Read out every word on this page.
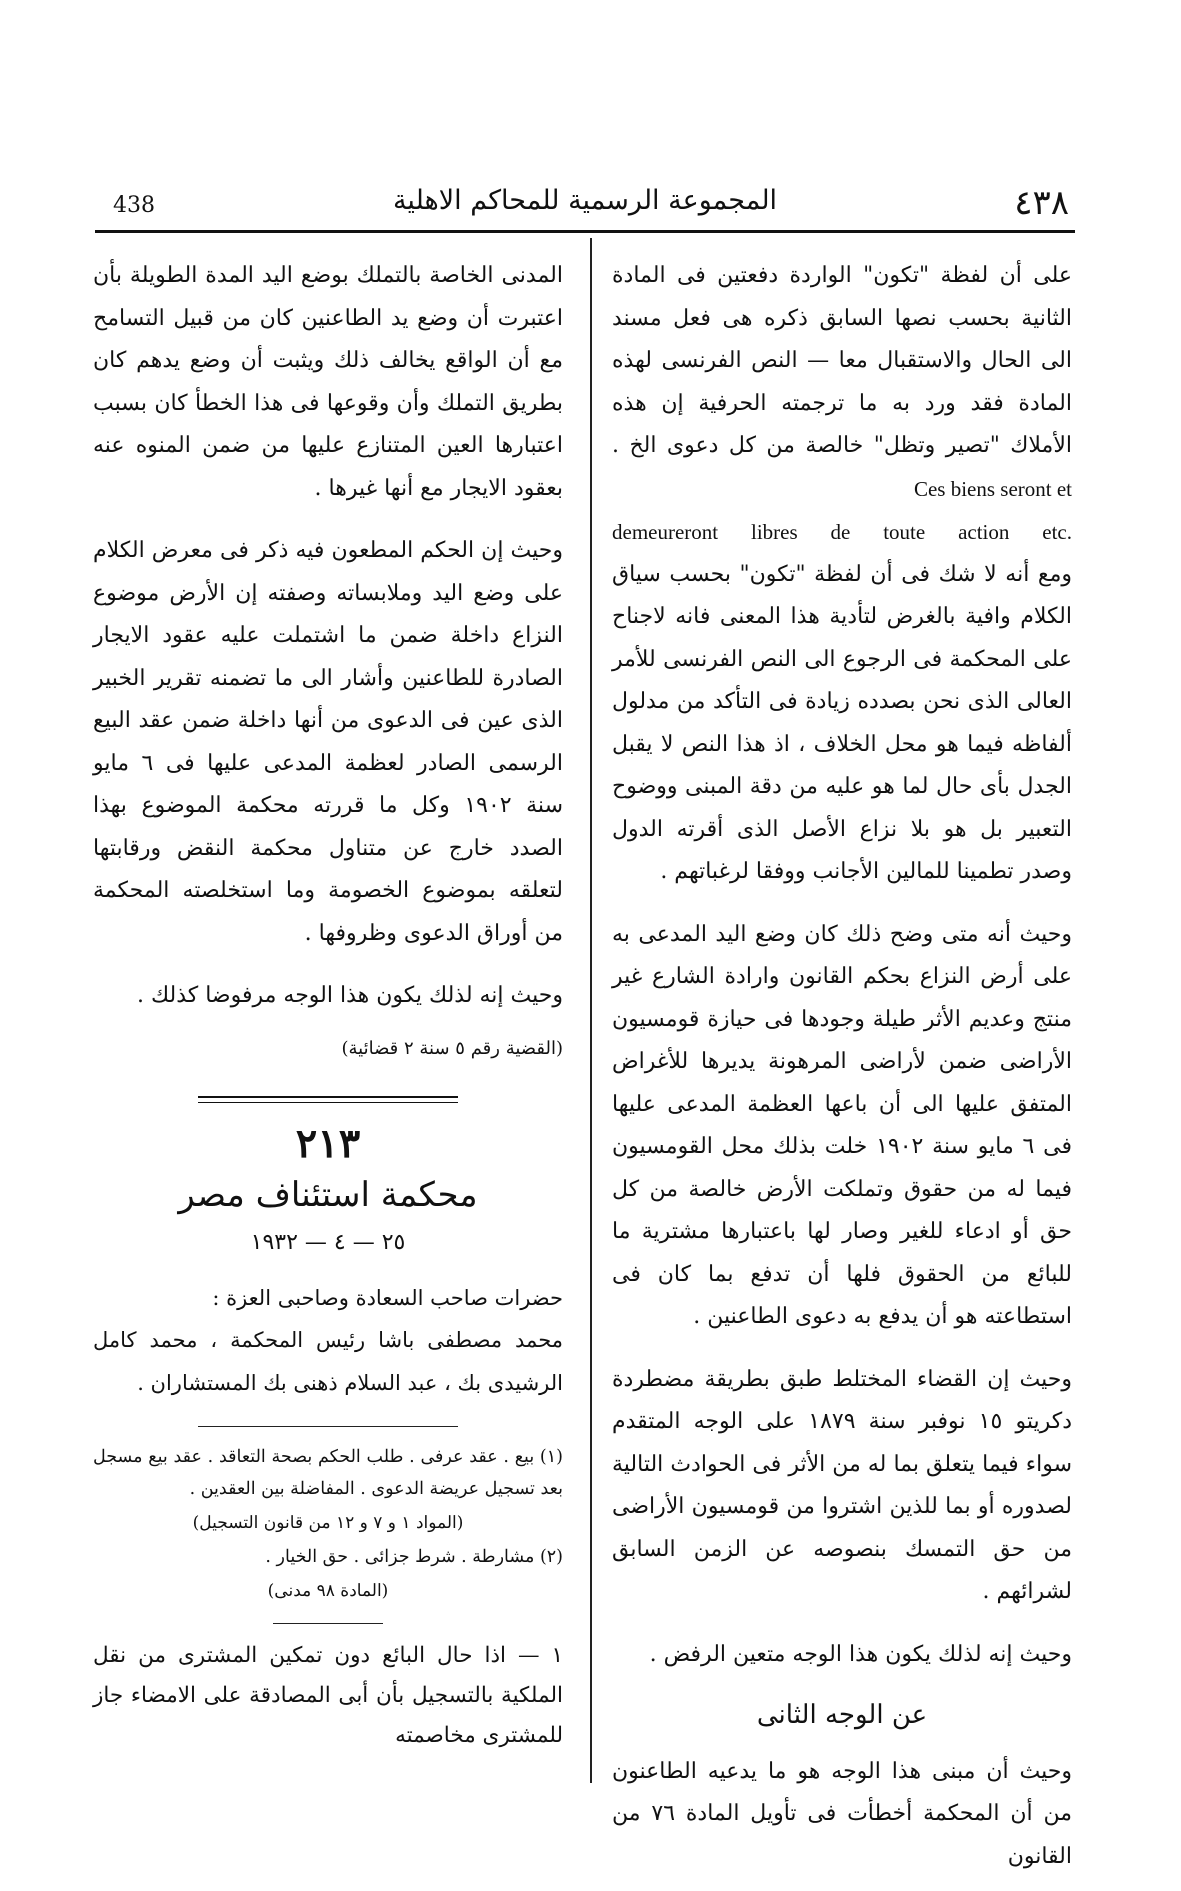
438	المجموعة الرسمية للمحاكم الاهلية	٤٣٨

على أن لفظة "تكون" الواردة دفعتين فى المادة الثانية بحسب نصها السابق ذكره هى فعل مسند الى الحال والاستقبال معا — النص الفرنسى لهذه المادة فقد ورد به ما ترجمته الحرفية إن هذه الأملاك "تصير وتظل" خالصة من كل دعوى الخ . Ces biens seront et
demeureront libres de toute action etc.
ومع أنه لا شك فى أن لفظة "تكون" بحسب سياق الكلام وافية بالغرض لتأدية هذا المعنى فانه لاجناح على المحكمة فى الرجوع الى النص الفرنسى للأمر العالى الذى نحن بصدده زيادة فى التأكد من مدلول ألفاظه فيما هو محل الخلاف ، اذ هذا النص لا يقبل الجدل بأى حال لما هو عليه من دقة المبنى ووضوح التعبير بل هو بلا نزاع الأصل الذى أقرته الدول وصدر تطمينا للمالين الأجانب ووفقا لرغباتهم .

وحيث أنه متى وضح ذلك كان وضع اليد المدعى به على أرض النزاع بحكم القانون وارادة الشارع غير منتج وعديم الأثر طيلة وجودها فى حيازة قومسيون الأراضى ضمن لأراضى المرهونة يديرها للأغراض المتفق عليها الى أن باعها العظمة المدعى عليها فى ٦ مايو سنة ١٩٠٢ خلت بذلك محل القومسيون فيما له من حقوق وتملكت الأرض خالصة من كل حق أو ادعاء للغير وصار لها باعتبارها مشترية ما للبائع من الحقوق فلها أن تدفع بما كان فى استطاعته هو أن يدفع به دعوى الطاعنين .

وحيث إن القضاء المختلط طبق بطريقة مضطردة دكريتو ١٥ نوفبر سنة ١٨٧٩ على الوجه المتقدم سواء فيما يتعلق بما له من الأثر فى الحوادث التالية لصدوره أو بما للذين اشتروا من قومسيون الأراضى من حق التمسك بنصوصه عن الزمن السابق لشرائهم .

وحيث إنه لذلك يكون هذا الوجه متعين الرفض .

عن الوجه الثانى

وحيث أن مبنى هذا الوجه هو ما يدعيه الطاعنون من أن المحكمة أخطأت فى تأويل المادة ٧٦ من القانون

المدنى الخاصة بالتملك بوضع اليد المدة الطويلة بأن اعتبرت أن وضع يد الطاعنين كان من قبيل التسامح مع أن الواقع يخالف ذلك ويثبت أن وضع يدهم كان بطريق التملك وأن وقوعها فى هذا الخطأ كان بسبب اعتبارها العين المتنازع عليها من ضمن المنوه عنه بعقود الايجار مع أنها غيرها .

وحيث إن الحكم المطعون فيه ذكر فى معرض الكلام على وضع اليد وملابساته وصفته إن الأرض موضوع النزاع داخلة ضمن ما اشتملت عليه عقود الايجار الصادرة للطاعنين وأشار الى ما تضمنه تقرير الخبير الذى عين فى الدعوى من أنها داخلة ضمن عقد البيع الرسمى الصادر لعظمة المدعى عليها فى ٦ مايو سنة ١٩٠٢ وكل ما قررته محكمة الموضوع بهذا الصدد خارج عن متناول محكمة النقض ورقابتها لتعلقه بموضوع الخصومة وما استخلصته المحكمة من أوراق الدعوى وظروفها .

وحيث إنه لذلك يكون هذا الوجه مرفوضا كذلك .

(القضية رقم ٥ سنة ٢ قضائية)
٢١٣
محكمة استئناف مصر
٢٥ — ٤ — ١٩٣٢
حضرات صاحب السعادة وصاحبى العزة :
محمد مصطفى باشا رئيس المحكمة ، محمد كامل الرشيدى بك ، عبد السلام ذهنى بك المستشاران .
(١) بيع . عقد عرفى . طلب الحكم بصحة التعاقد . عقد بيع مسجل بعد تسجيل عريضة الدعوى . المفاضلة بين العقدين .
(المواد ١ و ٧ و ١٢ من قانون التسجيل)
(٢) مشارطة . شرط جزائى . حق الخيار .
(المادة ٩٨ مدنى)

١ — اذا حال البائع دون تمكين المشترى من نقل الملكية بالتسجيل بأن أبى المصادقة على الامضاء جاز للمشترى مخاصمته
